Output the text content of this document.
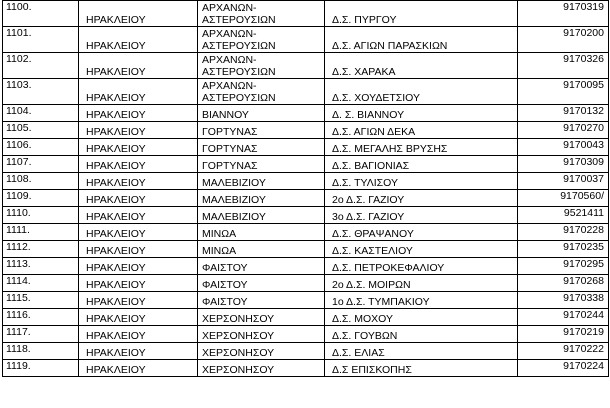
1100.	ΗΡΑΚΛΕΙΟΥ	ΑΡΧΑΝΩΝ-
ΑΣΤΕΡΟΥΣΙΩΝ	Δ.Σ. ΠΥΡΓΟΥ	9170319
1101.	ΗΡΑΚΛΕΙΟΥ	ΑΡΧΑΝΩΝ-
ΑΣΤΕΡΟΥΣΙΩΝ	Δ.Σ. ΑΓΙΩΝ ΠΑΡΑΣΚΙΩΝ	9170200
1102.	ΗΡΑΚΛΕΙΟΥ	ΑΡΧΑΝΩΝ-
ΑΣΤΕΡΟΥΣΙΩΝ	Δ.Σ. ΧΑΡΑΚΑ	9170326
1103.	ΗΡΑΚΛΕΙΟΥ	ΑΡΧΑΝΩΝ-
ΑΣΤΕΡΟΥΣΙΩΝ	Δ.Σ. ΧΟΥΔΕΤΣΙΟΥ	9170095
1104.	ΗΡΑΚΛΕΙΟΥ	ΒΙΑΝΝΟΥ	Δ. Σ. ΒΙΑΝΝΟΥ	9170132
1105.	ΗΡΑΚΛΕΙΟΥ	ΓΟΡΤΥΝΑΣ	Δ.Σ. ΑΓΙΩΝ ΔΕΚΑ	9170270
1106.	ΗΡΑΚΛΕΙΟΥ	ΓΟΡΤΥΝΑΣ	Δ.Σ. ΜΕΓΑΛΗΣ ΒΡΥΣΗΣ	9170043
1107.	ΗΡΑΚΛΕΙΟΥ	ΓΟΡΤΥΝΑΣ	Δ.Σ. ΒΑΓΙΟΝΙΑΣ	9170309
1108.	ΗΡΑΚΛΕΙΟΥ	ΜΑΛΕΒΙΖΙΟΥ	Δ.Σ. ΤΥΛΙΣΟΥ	9170037
1109.	ΗΡΑΚΛΕΙΟΥ	ΜΑΛΕΒΙΖΙΟΥ	2ο Δ.Σ. ΓΑΖΙΟΥ	9170560/
1110.	ΗΡΑΚΛΕΙΟΥ	ΜΑΛΕΒΙΖΙΟΥ	3ο Δ.Σ. ΓΑΖΙΟΥ	9521411
1111.	ΗΡΑΚΛΕΙΟΥ	ΜΙΝΩΑ	Δ.Σ. ΘΡΑΨΑΝΟΥ	9170228
1112.	ΗΡΑΚΛΕΙΟΥ	ΜΙΝΩΑ	Δ.Σ. ΚΑΣΤΕΛΙΟΥ	9170235
1113.	ΗΡΑΚΛΕΙΟΥ	ΦΑΙΣΤΟΥ	Δ.Σ. ΠΕΤΡΟΚΕΦΑΛΙΟΥ	9170295
1114.	ΗΡΑΚΛΕΙΟΥ	ΦΑΙΣΤΟΥ	2ο Δ.Σ. ΜΟΙΡΩΝ	9170268
1115.	ΗΡΑΚΛΕΙΟΥ	ΦΑΙΣΤΟΥ	1ο Δ.Σ. ΤΥΜΠΑΚΙΟΥ	9170338
1116.	ΗΡΑΚΛΕΙΟΥ	ΧΕΡΣΟΝΗΣΟΥ	Δ.Σ. ΜΟΧΟΥ	9170244
1117.	ΗΡΑΚΛΕΙΟΥ	ΧΕΡΣΟΝΗΣΟΥ	Δ.Σ. ΓΟΥΒΩΝ	9170219
1118.	ΗΡΑΚΛΕΙΟΥ	ΧΕΡΣΟΝΗΣΟΥ	Δ.Σ. ΕΛΙΑΣ	9170222
1119.	ΗΡΑΚΛΕΙΟΥ	ΧΕΡΣΟΝΗΣΟΥ	Δ.Σ ΕΠΙΣΚΟΠΗΣ	9170224
